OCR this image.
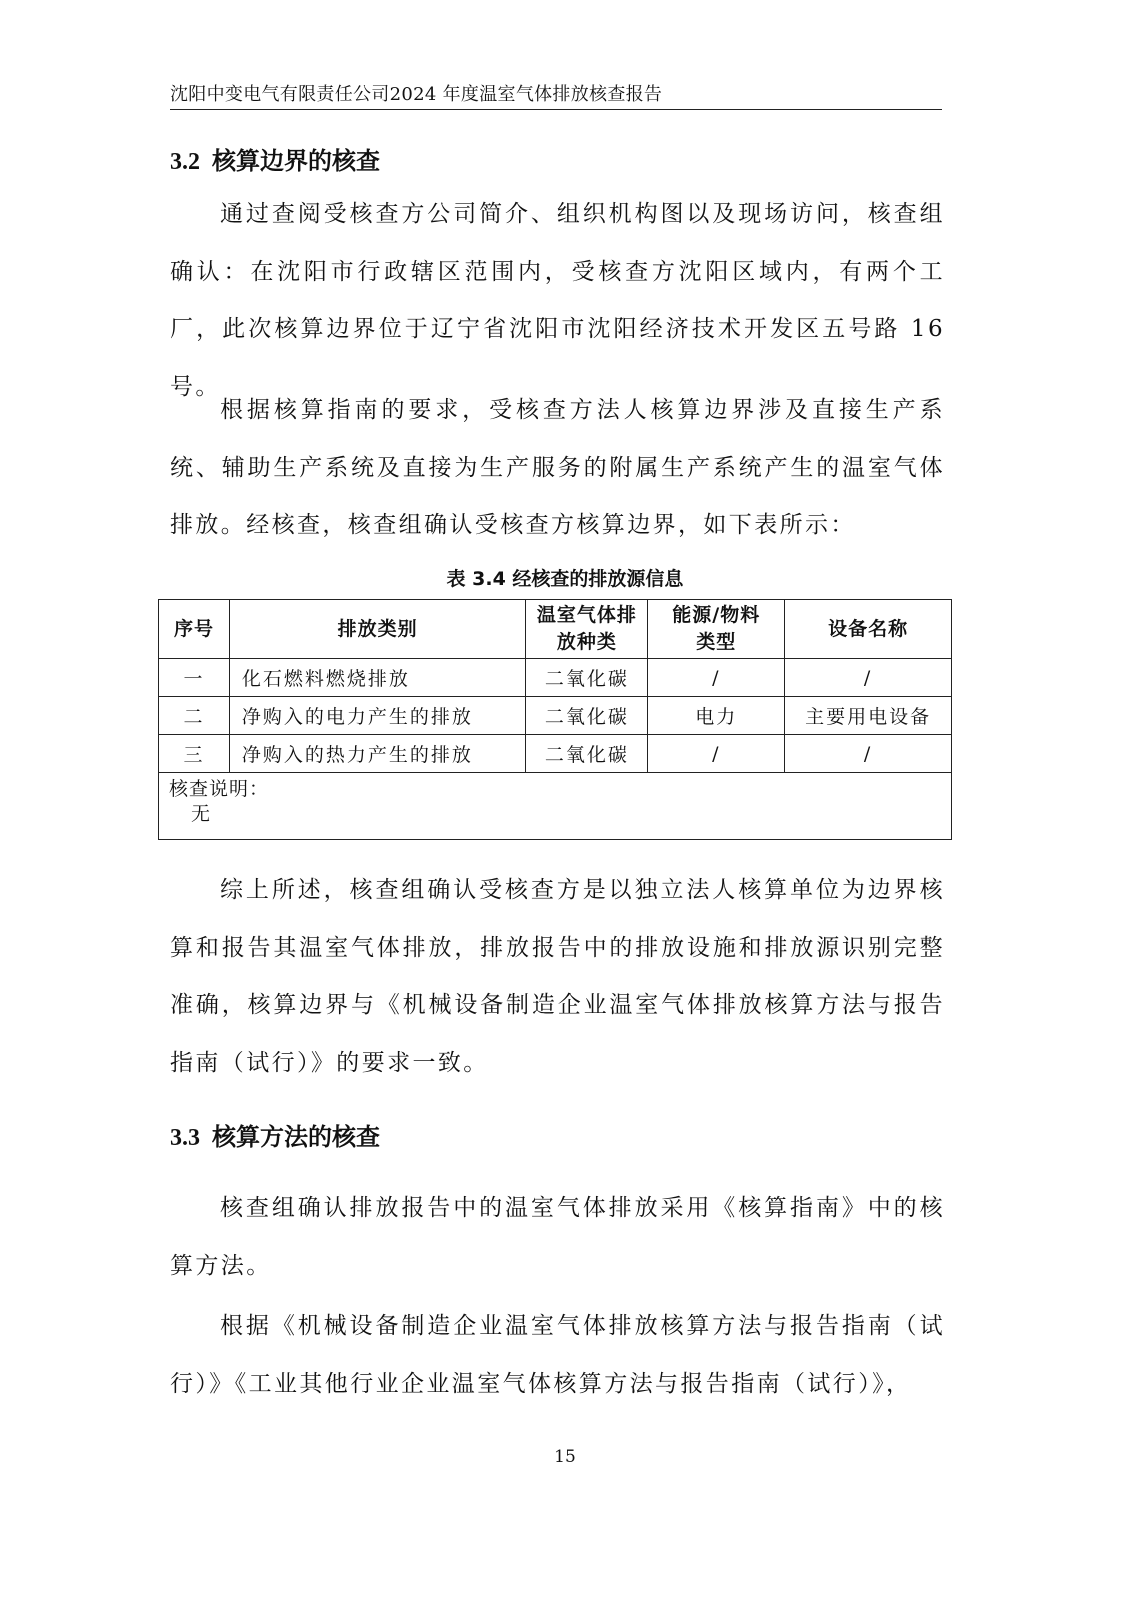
沈阳中变电气有限责任公司2024 年度温室气体排放核查报告
3.2 核算边界的核查

通过查阅受核查方公司简介、组织机构图以及现场访问，核查组确认：在沈阳市行政辖区范围内，受核查方沈阳区域内，有两个工厂，此次核算边界位于辽宁省沈阳市沈阳经济技术开发区五号路 16 号。

根据核算指南的要求，受核查方法人核算边界涉及直接生产系统、辅助生产系统及直接为生产服务的附属生产系统产生的温室气体排放。经核查，核查组确认受核查方核算边界，如下表所示：

表 3.4 经核查的排放源信息
序号	排放类别	温室气体排放种类	能源/物料类型	设备名称
一	化石燃料燃烧排放	二氧化碳	/	/
二	净购入的电力产生的排放	二氧化碳	电力	主要用电设备
三	净购入的热力产生的排放	二氧化碳	/	/
核查说明：
无				

综上所述，核查组确认受核查方是以独立法人核算单位为边界核算和报告其温室气体排放，排放报告中的排放设施和排放源识别完整准确，核算边界与《机械设备制造企业温室气体排放核算方法与报告指南（试行）》的要求一致。

3.3 核算方法的核查

核查组确认排放报告中的温室气体排放采用《核算指南》中的核算方法。

根据《机械设备制造企业温室气体排放核算方法与报告指南（试行）》《工业其他行业企业温室气体核算方法与报告指南（试行）》，

15
